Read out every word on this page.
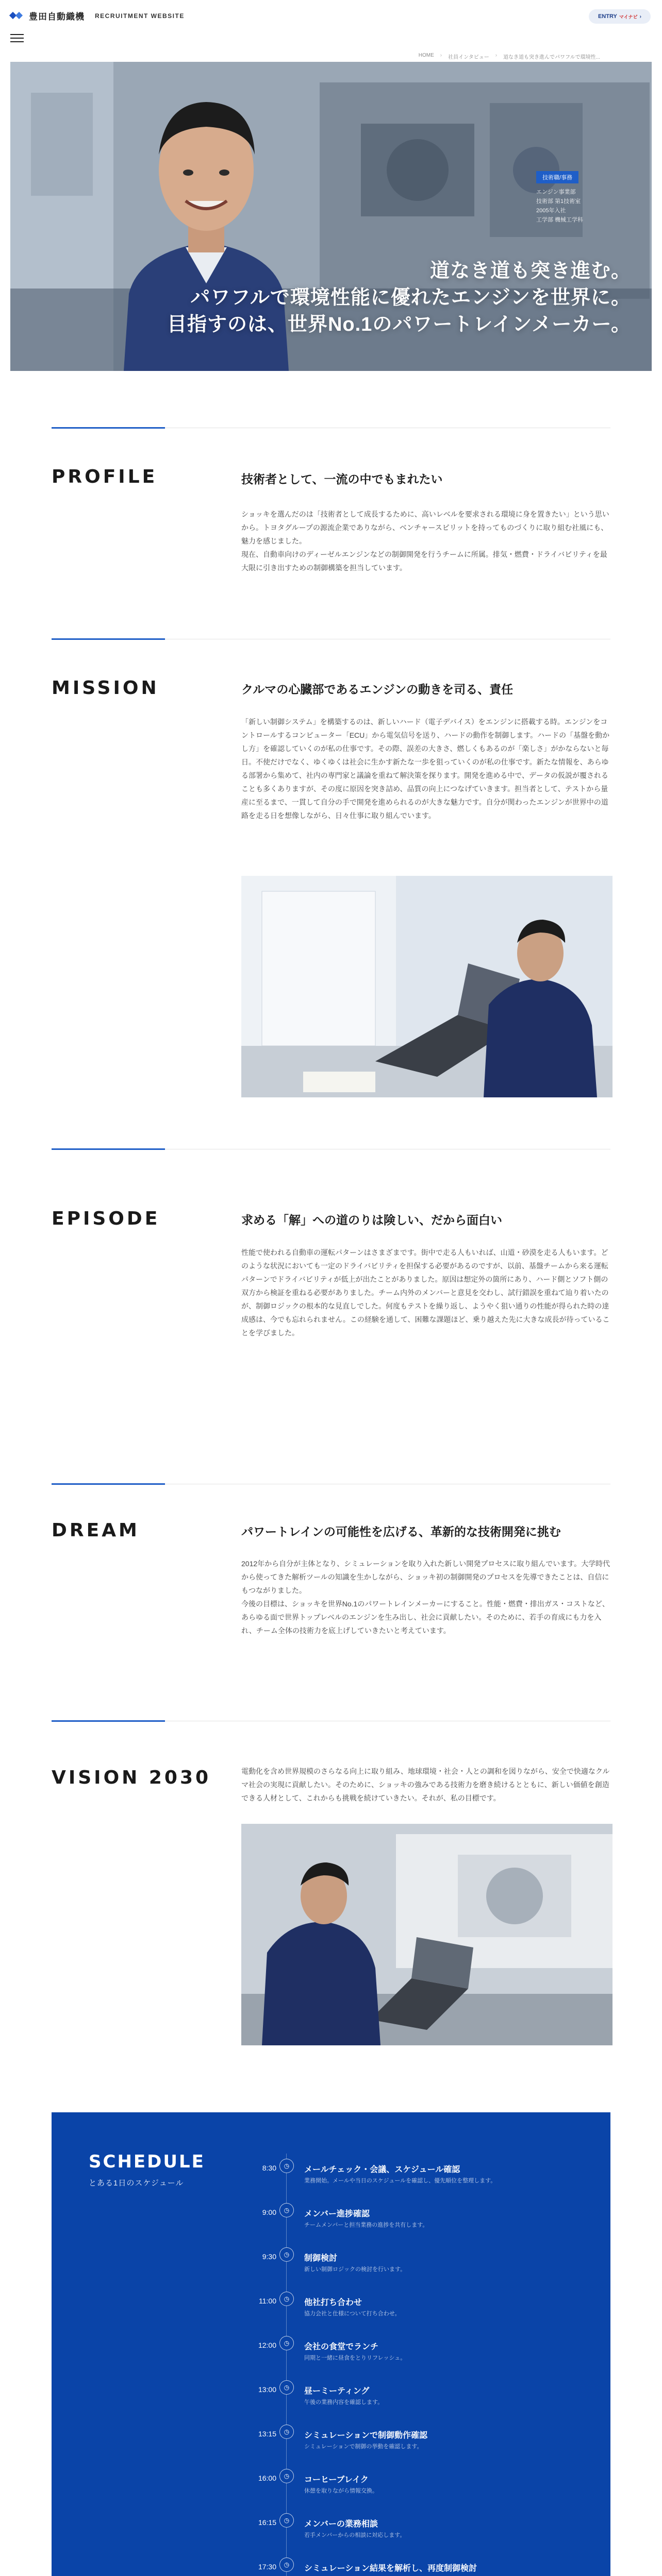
豊田自動織機 RECRUITMENT WEBSITE	ENTRY マイナビ ›
HOME › 社員インタビュー › 道なき道も突き進んでパワフルで環境性...
技術職/事務
エンジン事業部
技術部 第1技術室
2005年入社
工学部 機械工学科
道なき道も突き進む。
パワフルで環境性能に優れたエンジンを世界に。
目指すのは、世界No.1のパワートレインメーカー。
PROFILE	技術者として、一流の中でもまれたい
ショッキを選んだのは「技術者として成長するために、高いレベルを要求される環境に身を置きたい」という思いから。トヨタグループの源流企業でありながら、ベンチャースピリットを持ってものづくりに取り組む社風にも、魅力を感じました。
現在、自動車向けのディーゼルエンジンなどの制御開発を行うチームに所属。排気・燃費・ドライバビリティを最大限に引き出すための制御構築を担当しています。
MISSION	クルマの心臓部であるエンジンの動きを司る、責任
「新しい制御システム」を構築するのは、新しいハード（電子デバイス）をエンジンに搭載する時。エンジンをコントロールするコンピューター「ECU」から電気信号を送り、ハードの動作を制御します。ハードの「基盤を動かし方」を確認していくのが私の仕事です。その際、誤差の大きさ、燃しくもあるのが「楽しさ」がかならないと毎日。不使だけでなく、ゆくゆくは社会に生かす新たな一歩を狙っていくのが私の仕事です。新たな情報を、あらゆる部署から集めて、社内の専門家と議論を重ねて解決策を探ります。開発を進める中で、データの仮説が覆されることも多くありますが、その度に原因を突き詰め、品質の向上につなげていきます。担当者として、テストから量産に至るまで、一貫して自分の手で開発を進められるのが大きな魅力です。自分が関わったエンジンが世界中の道路を走る日を想像しながら、日々仕事に取り組んでいます。
EPISODE	求める「解」への道のりは険しい、だから面白い
性能で使われる自動車の運転パターンはさまざまです。街中で走る人もいれば、山道・砂漠を走る人もいます。どのような状況においても一定のドライバビリティを担保する必要があるのですが、以前、基盤チームから来る運転パターンでドライバビリティが低上が出たことがありました。原因は想定外の箇所にあり、ハード側とソフト側の双方から検証を重ねる必要がありました。チーム内外のメンバーと意見を交わし、試行錯誤を重ねて辿り着いたのが、制御ロジックの根本的な見直しでした。何度もテストを繰り返し、ようやく狙い通りの性能が得られた時の達成感は、今でも忘れられません。この経験を通して、困難な課題ほど、乗り越えた先に大きな成長が待っていることを学びました。
DREAM	パワートレインの可能性を広げる、革新的な技術開発に挑む
2012年から自分が主体となり、シミュレーションを取り入れた新しい開発プロセスに取り組んでいます。大学時代から使ってきた解析ツールの知識を生かしながら、ショッキ初の制御開発のプロセスを先導できたことは、自信にもつながりました。
今後の目標は、ショッキを世界No.1のパワートレインメーカーにすること。性能・燃費・排出ガス・コストなど、あらゆる面で世界トップレベルのエンジンを生み出し、社会に貢献したい。そのために、若手の育成にも力を入れ、チーム全体の技術力を底上げしていきたいと考えています。
VISION 2030	電動化を含め世界規模のさらなる向上に取り組み、地球環境・社会・人との調和を図りながら、安全で快適なクルマ社会の実現に貢献したい。そのために、ショッキの強みである技術力を磨き続けるとともに、新しい価値を創造できる人材として、これからも挑戦を続けていきたい。それが、私の目標です。
SCHEDULE
とある1日のスケジュール
8:30	◷	メールチェック・会議、スケジュール確認
業務開始。メールや当日のスケジュールを確認し、優先順位を整理します。
9:00	◷	メンバー進捗確認
チームメンバーと担当業務の進捗を共有します。
9:30	◷	制御検討
新しい制御ロジックの検討を行います。
11:00	◷	他社打ち合わせ
協力会社と仕様について打ち合わせ。
12:00	◷	会社の食堂でランチ
同期と一緒に昼食をとりリフレッシュ。
13:00	◷	昼ーミーティング
午後の業務内容を確認します。
13:15	◷	シミュレーションで制御動作確認
シミュレーションで制御の挙動を確認します。
16:00	◷	コーヒーブレイク
休憩を取りながら情報交換。
16:15	◷	メンバーの業務相談
若手メンバーからの相談に対応します。
17:30	◷	シミュレーション結果を解析し、再度制御検討
